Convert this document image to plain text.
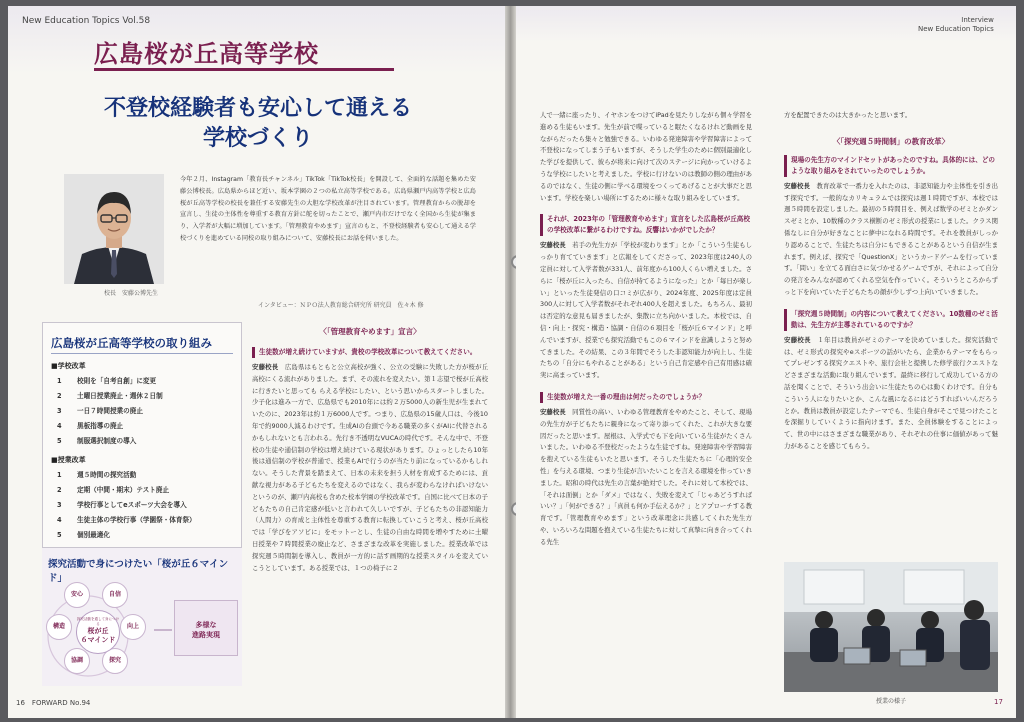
New Education Topics Vol.58
広島桜が丘高等学校
不登校経験者も安心して通える
学校づくり
校長　安藤公博先生
今年２月、Instagram「教育長チャンネル」TikTok「TikTok校長」を開設して、全面的な話題を集めた安藤公博校長。広島県からほど近い、坂本学園の２つの私立高等学校である。広島県瀬戸内高等学校と広島桜が丘高等学校の校長を兼任する安藤先生の大胆な学校改革が注目されています。管理教育からの脱却を宣言し、生徒の主体性を尊重する教育方針に舵を切ったことで、瀬戸内市だけでなく全国から生徒が集まり、入学者が大幅に増加しています。「管理教育やめます」宣言のもと、不登校経験者も安心して通える学校づくりを進めている同校の取り組みについて、安藤校長にお話を伺いました。
インタビュー：ＮＰＯ法人教育総合研究所 研究員　佐々木 修
広島桜が丘高等学校の取り組み
■学校改革
1 校則を「自考自創」に変更
2 土曜日授業廃止・週休２日制
3 一日７時間授業の廃止
4 黒板指導の廃止
5 制服選択制度の導入
■授業改革
1 週５時間の探究活動
2 定期（中間・期末）テスト廃止
3 学校行事としてeスポーツ大会を導入
4 生徒主体の学校行事（学園祭・体育祭）
5 個別最適化
探究活動で身につけたい「桜が丘６マインド」
安心	自信
構造	向上
協調	探究
探究活動を通して身につける
桜が丘
６マインド
多様な
進路実現
〈「管理教育やめます」宣言〉
生徒数が増え続けていますが、貴校の学校改革について教えてください。
安藤校長　 広島県はもともと公立高校が強く、公立の受験に失敗した方が桜が丘高校にくる流れがありました。まず、その流れを変えたい。第１志望で桜が丘高校に行きたいと思っても らえる学校にしたい、という思いからスタートしました。少子化は進み一方で、広島県でも2010年には約２万5000人の新生児が生まれていたのに、2023年は約１万6000人です。つまり、広島県の15歳人口は、今後10年で約9000人減るわけです。生成AIの台頭で今ある職業の多くがAIに代替されるかもしれないとも言われる。先行き不透明なVUCAの時代です。そんな中で、不登校の生徒や通信制の学校は増え続けている現状があります。ひょっとしたら10年後は通信制の学校が普通で、授業もAIで行うのが当たり前になっているかもしれない。そうした背景を踏まえて、日本の未来を担う人材を育成するためには、貢献な視力がある子どもたちを変えるのではなく、我らが変わらなければいけないというのが、瀬戸内高校も含めた校本学園の学校改革です。自国に比べて日本の子どもたちの自己肯定感が低いと言われて久しいですが、子どもたちの非認知能力（人間力）の育成と主体性を尊重する教育に転換していこうと考え、桜が丘高校では「学びをアソビに」をモットーとし、生徒の自由な時間を増やすために土曜日授業や７時間授業の廃止など、さまざまな改革を実施しました。授業改革では探究週５時間制を導入し、教員が一方的に話す画期的な授業スタイルを変えていこうとしています。ある授業では、１つの椅子に２
16　 FORWARD No.94
Interview
New Education Topics
人で一緒に座ったり、イヤホンをつけてiPadを見たりしながら個々学習を進める生徒もいます。先生が前で喋っていると眠たくなるけれど動画を見ながらだったら集々と勉強できる。いわゆる発達障害や学習障害によって不登校になってしまう子もいますが、そうした学生のために個別最適化した学びを提供して、彼らが将来に向けて次のステージに向かっていけるような学校にしたいと考えました。学校に行けないのは教師の側の理由があるのではなく、生徒の側に学べる環境をつくってあげることが大事だと思います。学校を楽しい場所にするために様々な取り組みをしています。
それが、2023年の「管理教育やめます」宣言をした広島桜が丘高校の学校改革に繋がるわけですね。反響はいかがでしたか？
安藤校長　 若手の先生方が「学校が変わります」とか「こういう生徒もしっかり育てていきます」と広報をしてくださって、2023年度は240人の定員に対して入学者数が331人、前年度から100人くらい増えました。さらに「桜が丘に入ったら、自信が持てるようになった」とか「毎日が楽しい」といった生徒発信の口コミが広がり、2024年度、2025年度は定員300人に対して入学者数がそれぞれ400人を超えました。もちろん、最初は否定的な意見も届きましたが、集散に立ち向かいました。本校では、自信・向上・探究・構造・協調・自信の６項目を「桜が丘６マインド」と呼んでいますが、授業でも探究活動でもこの６マインドを意識しようと努めてきました。その結果、この３年間でそうした非認知能力が向上し、生徒たちの「自分にもやれることがある」という自己肯定感や自己有用感は確実に高まっています。
生徒数が増えた一番の理由は何だったのでしょうか？
安藤校長　 同質性の高い、いわゆる管理教育をやめたこと、そして、現場の先生方が子どもたちに親身になって寄り添ってくれた、これが大きな要因だったと思います。屋根は、入学式でも下を向いている生徒がたくさんいました。いわゆる不登校だったような生徒ですね。発達障害や学習障害を抱えている生徒もいたと思います。そうした生徒たちに「心理的安全性」を与える環境、つまり生徒が言いたいことを言える環境を作っていきました。昭和の時代は先生の言葉が絶対でした。それに対して本校では、「それは面倒」とか「ダメ」ではなく、失敗を変えて「じゃあどうすればいい？」「何ができる？」「真員も何か手伝えるか？」とアプローチする教育です。「管理教育やめます」という改革理念に共感してくれた先生方や、いろいろな問題を抱えている生徒たちに対して真摯に向き合ってくれる先生
方を配置できたのは大きかったと思います。
〈「探究週５時間制」の教育改革〉
現場の先生方のマインドセットがあったのですね。具体的には、どのような取り組みをされていったのでしょうか。
安藤校長　 教育改革で一番力を入れたのは、非認知能力や主体性を引き出す探究です。一般的なカリキュラムでは探究は週１時間ですが、本校では週５時間を設定しました。最初の５時間目を、例えば数学のゼミとかダンスゼミとか、10数種のクラス横断のゼミ形式の授業にしました。クラス関係なしに自分が好きなことに夢中になれる時間です。それを教員がしっかり認めることで、生徒たちは自分にもできることがあるという自信が生まれます。例えば、探究で「QuestionX」というカードゲームを行っています。「問い」を立てる面白さに気づかせるゲームですが、それによって自分の発言をみんなが認めてくれる空気を作っていく。そういうところからずっと下を向いていた子どもたちの顔が少しずつ上向いていきました。
「探究週５時間制」の内容について教えてください。10数種のゼミ活動は、先生方が主導されているのですか？
安藤校長　 １年目は教員がゼミのテーマを決めていました。探究活動では、ゼミ形式の探究やeスポーツの話がいたら、企業からテーマをもらってプレゼンする探究クエストや、旅行会社と提携した修学旅行クエストなどさまざまな活動に取り組んでいます。最終に移行して成功している方の話を聞くことで、そういう出会いに生徒たちの心は動くわけです。自分もこういう人になりたいとか、こんな風になるにはどうすればいいんだろうとか。教員は教員が設定したテーマでも、生徒自身がそこで見つけたことを深掘りしていくように指向けます。また、全員体験をすることによって、世の中にはさまざまな職業があり、それぞれの仕事に価値があって魅力があることを感じてもらう。
授業の様子	17
